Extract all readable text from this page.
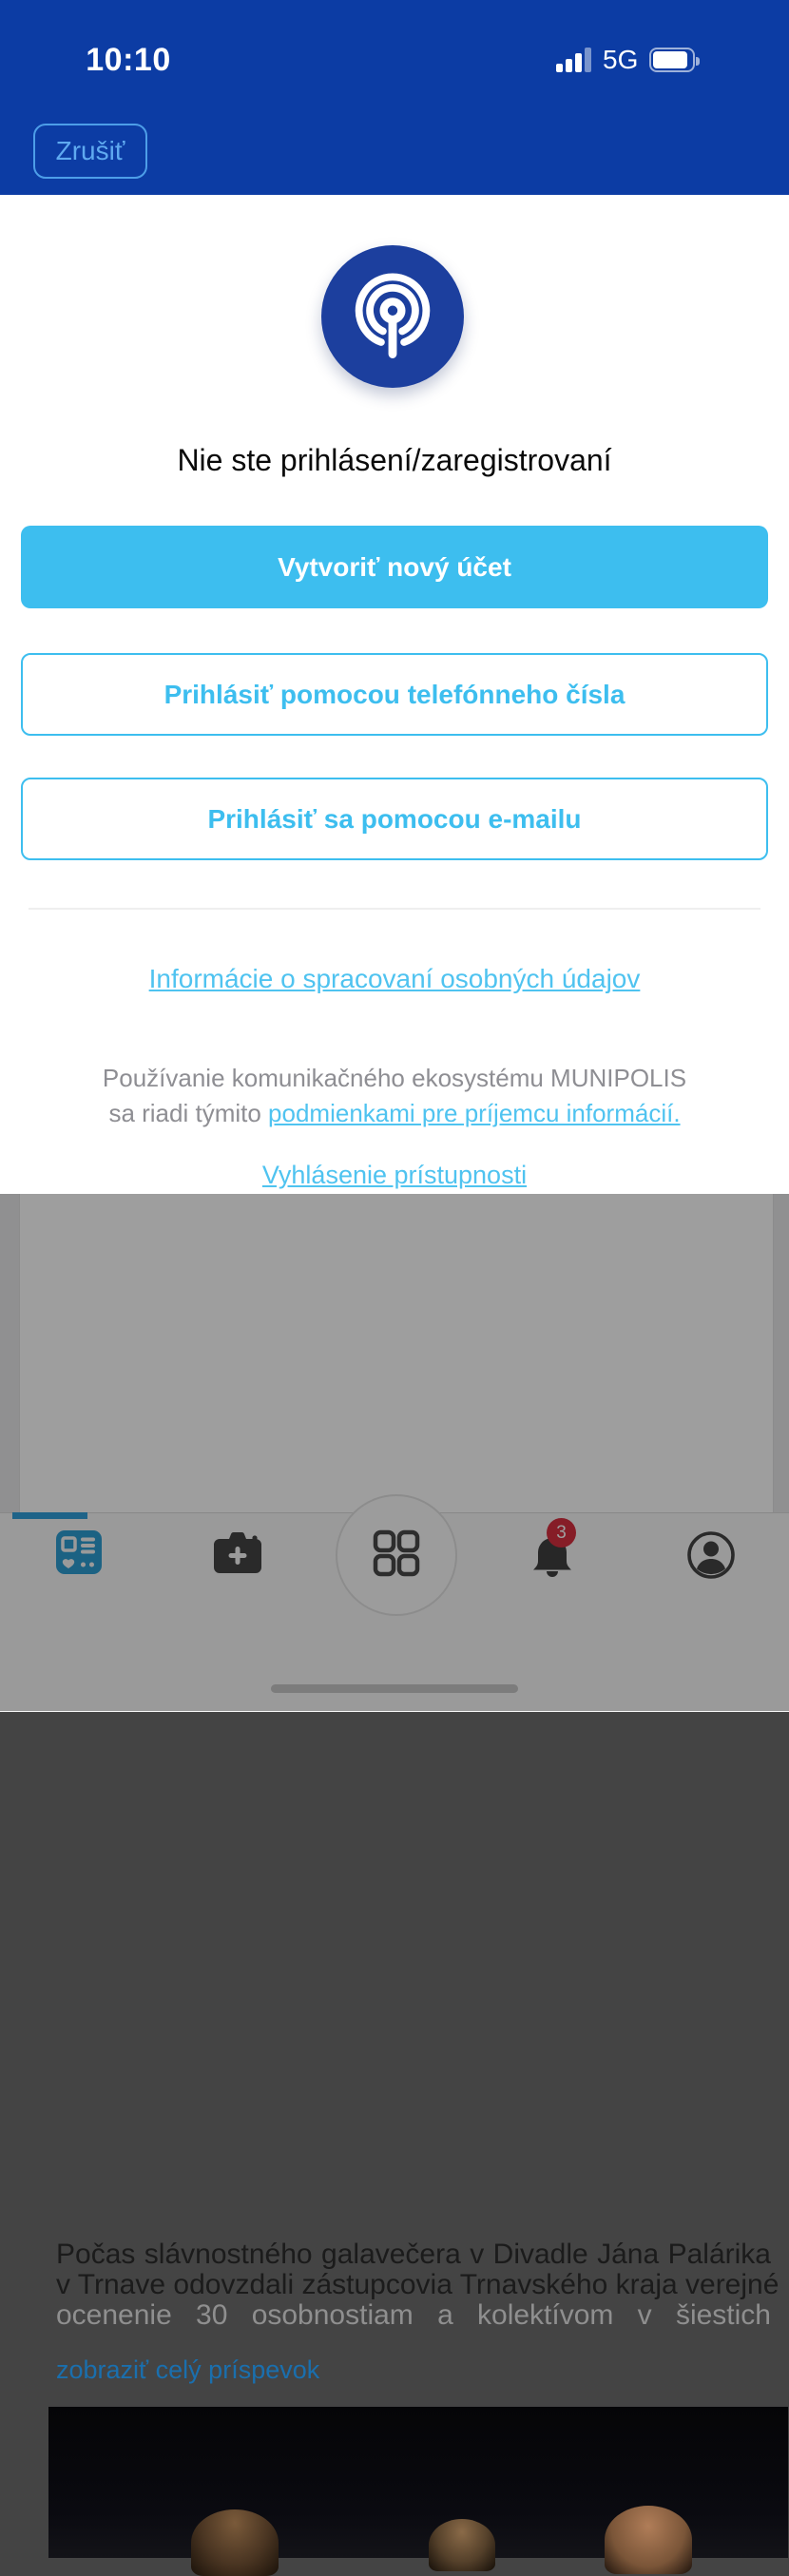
Počas slávnostného galavečera v Divadle Jána Palárika
v Trnave odovzdali zástupcovia Trnavského kraja verejné
ocenenie 30 osobnostiam a kolektívom v šiestich
zobraziť celý príspevok
3
10:10	5G
Zrušiť
Nie ste prihlásení/zaregistrovaní
Vytvoriť nový účet
Prihlásiť pomocou telefónneho čísla
Prihlásiť sa pomocou e-mailu
Informácie o spracovaní osobných údajov
Používanie komunikačného ekosystému MUNIPOLIS
sa riadi týmito podmienkami pre príjemcu informácií.
Vyhlásenie prístupnosti
